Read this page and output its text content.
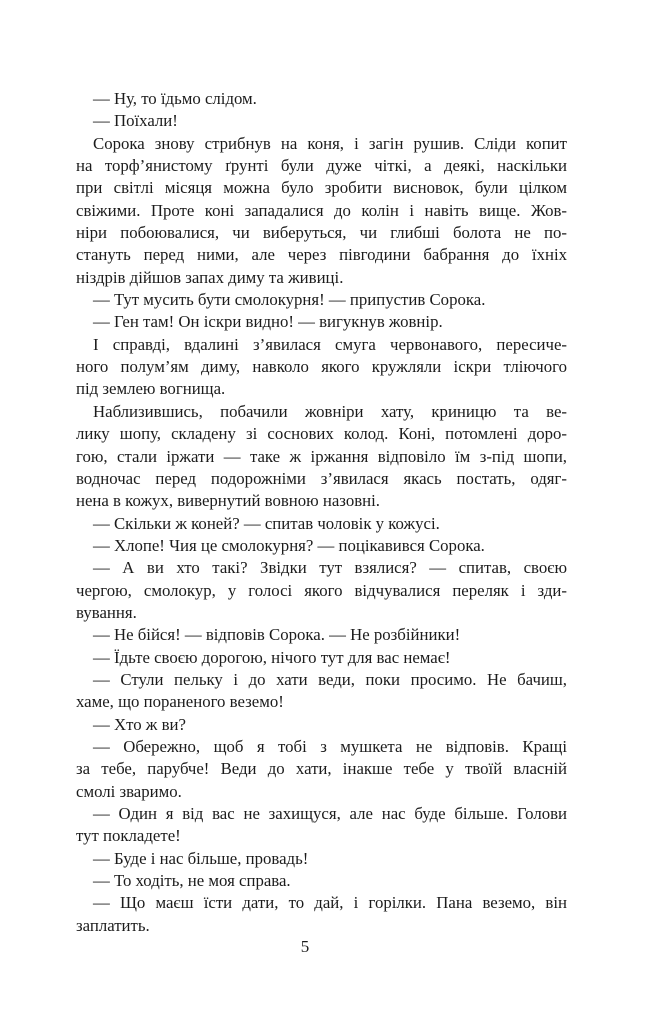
— Ну, то їдьмо слідом.
— Поїхали!
Сорока знову стрибнув на коня, і загін рушив. Сліди копит
на торф’янистому ґрунті були дуже чіткі, а деякі, наскільки
при світлі місяця можна було зробити висновок, були цілком
свіжими. Проте коні западалися до колін і навіть вище. Жов-
ніри побоювалися, чи виберуться, чи глибші болота не по-
стануть перед ними, але через півгодини бабрання до їхніх
ніздрів дійшов запах диму та живиці.
— Тут мусить бути смолокурня! — припустив Сорока.
— Ген там! Он іскри видно! — вигукнув жовнір.
І справді, вдалині з’явилася смуга червонавого, пересиче-
ного полум’ям диму, навколо якого кружляли іскри тліючого
під землею вогнища.
Наблизившись, побачили жовніри хату, криницю та ве-
лику шопу, складену зі соснових колод. Коні, потомлені доро-
гою, стали іржати — таке ж іржання відповіло їм з-під шопи,
водночас перед подорожніми з’явилася якась постать, одяг-
нена в кожух, вивернутий вовною назовні.
— Скільки ж коней? — спитав чоловік у кожусі.
— Хлопе! Чия це смолокурня? — поцікавився Сорока.
— А ви хто такі? Звідки тут взялися? — спитав, своєю
чергою, смолокур, у голосі якого відчувалися переляк і зди-
вування.
— Не бійся! — відповів Сорока. — Не розбійники!
— Їдьте своєю дорогою, нічого тут для вас немає!
— Стули пельку і до хати веди, поки просимо. Не бачиш,
хаме, що пораненого веземо!
— Хто ж ви?
— Обережно, щоб я тобі з мушкета не відповів. Кращі
за тебе, парубче! Веди до хати, інакше тебе у твоїй власній
смолі зваримо.
— Один я від вас не захищуся, але нас буде більше. Голови
тут покладете!
— Буде і нас більше, провадь!
— То ходіть, не моя справа.
— Що маєш їсти дати, то дай, і горілки. Пана веземо, він
заплатить.
5
